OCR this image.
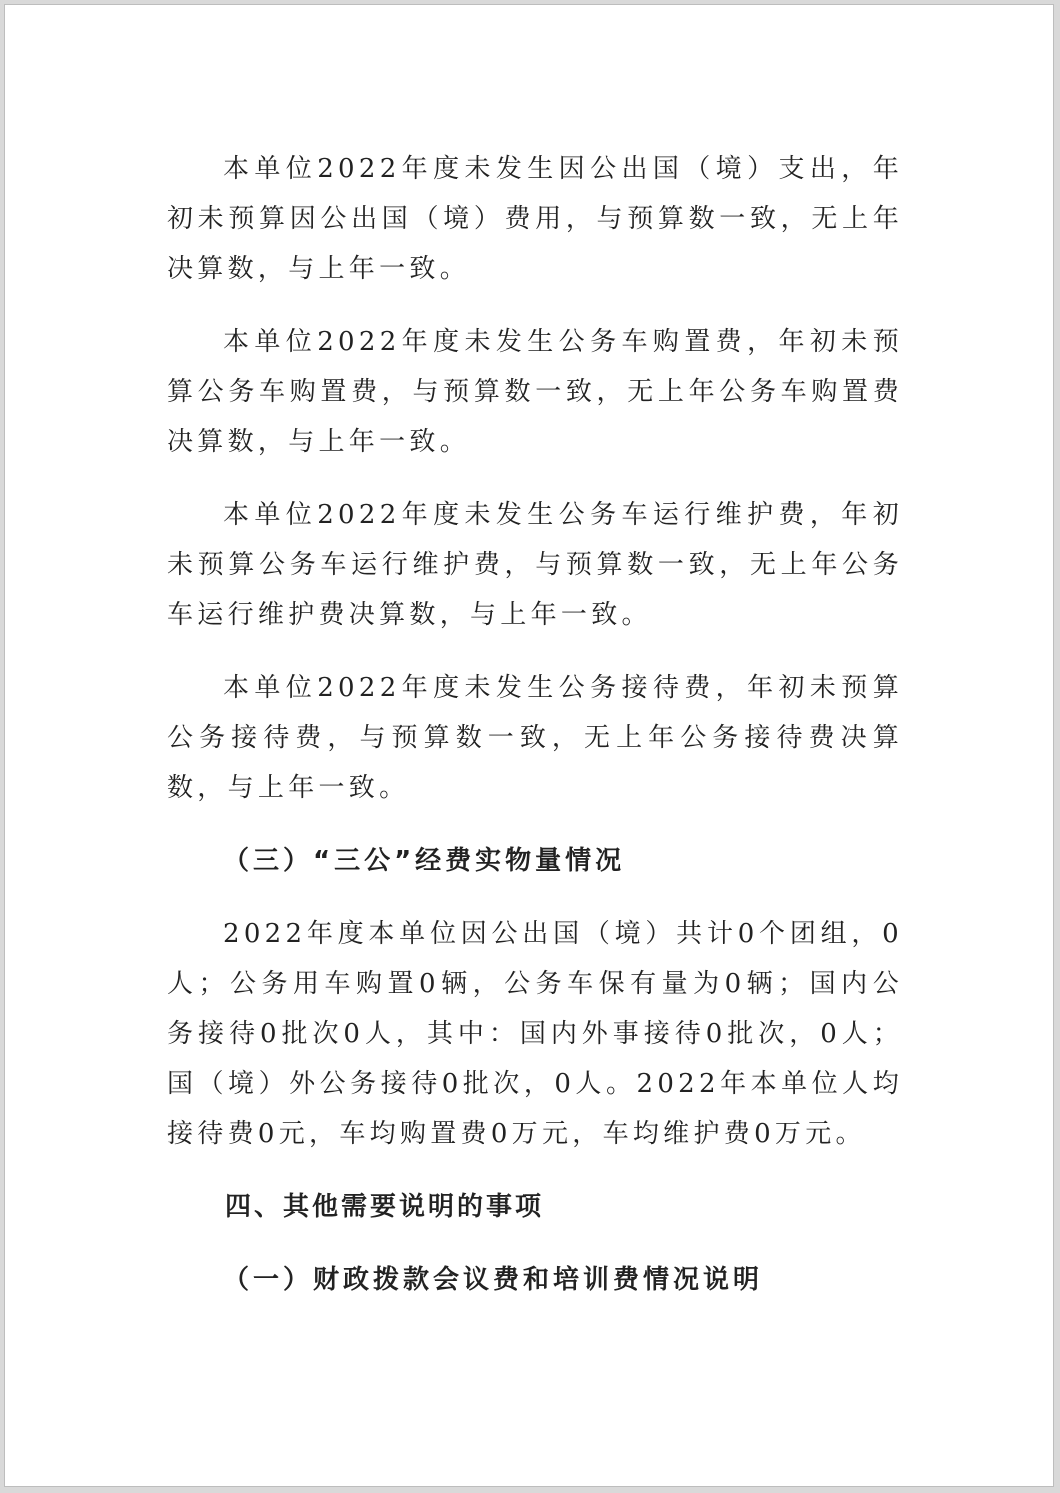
本单位2022年度未发生因公出国（境）支出，年初未预算因公出国（境）费用，与预算数一致，无上年决算数，与上年一致。

本单位2022年度未发生公务车购置费，年初未预算公务车购置费，与预算数一致，无上年公务车购置费决算数，与上年一致。

本单位2022年度未发生公务车运行维护费，年初未预算公务车运行维护费，与预算数一致，无上年公务车运行维护费决算数，与上年一致。

本单位2022年度未发生公务接待费，年初未预算公务接待费，与预算数一致，无上年公务接待费决算数，与上年一致。

（三）“三公”经费实物量情况

2022年度本单位因公出国（境）共计0个团组，0人；公务用车购置0辆，公务车保有量为0辆；国内公务接待0批次0人，其中：国内外事接待0批次，0人；国（境）外公务接待0批次，0人。2022年本单位人均接待费0元，车均购置费0万元，车均维护费0万元。

四、其他需要说明的事项

（一）财政拨款会议费和培训费情况说明
